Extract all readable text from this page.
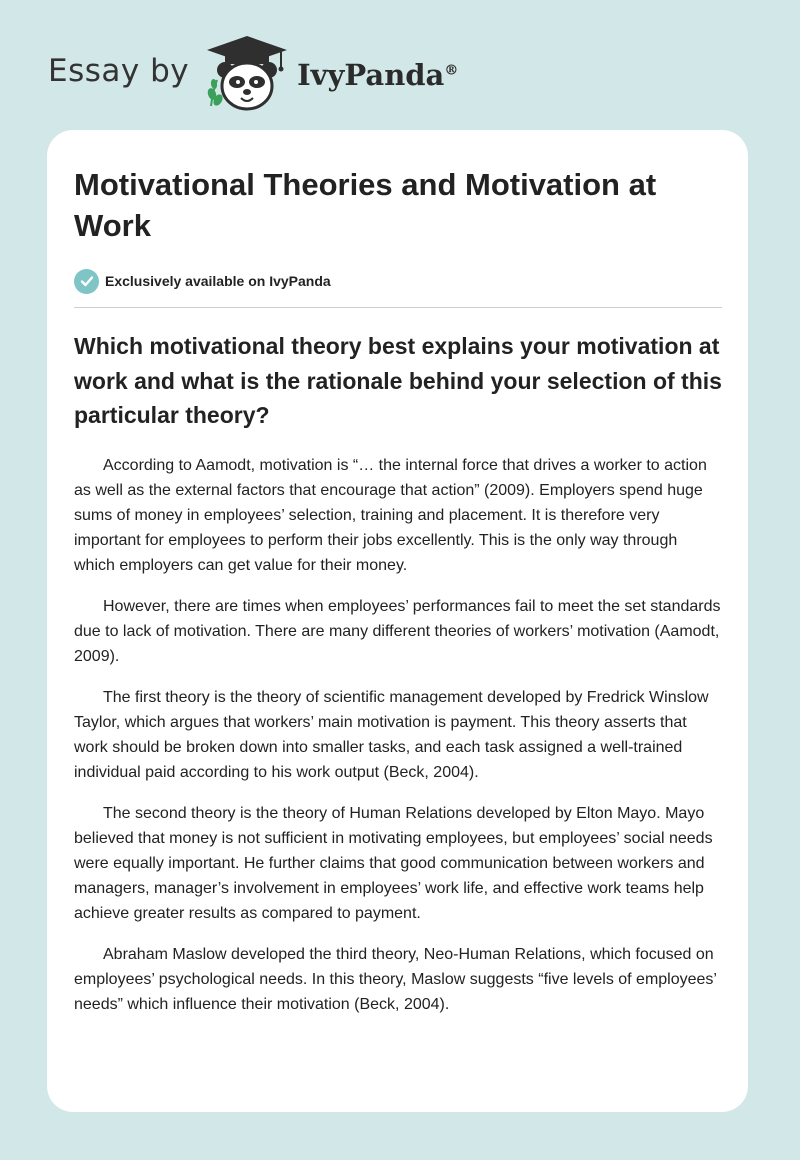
Essay by	IvyPanda®
Motivational Theories and Motivation at Work
Exclusively available on IvyPanda
Which motivational theory best explains your motivation at work and what is the rationale behind your selection of this particular theory?

According to Aamodt, motivation is “… the internal force that drives a worker to action as well as the external factors that encourage that action” (2009). Employers spend huge sums of money in employees’ selection, training and placement. It is therefore very important for employees to perform their jobs excellently. This is the only way through which employers can get value for their money.

However, there are times when employees’ performances fail to meet the set standards due to lack of motivation. There are many different theories of workers’ motivation (Aamodt, 2009).

The first theory is the theory of scientific management developed by Fredrick Winslow Taylor, which argues that workers’ main motivation is payment. This theory asserts that work should be broken down into smaller tasks, and each task assigned a well-trained individual paid according to his work output (Beck, 2004).

The second theory is the theory of Human Relations developed by Elton Mayo. Mayo believed that money is not sufficient in motivating employees, but employees’ social needs were equally important. He further claims that good communication between workers and managers, manager’s involvement in employees’ work life, and effective work teams help achieve greater results as compared to payment.

Abraham Maslow developed the third theory, Neo-Human Relations, which focused on employees’ psychological needs. In this theory, Maslow suggests “five levels of employees’ needs” which influence their motivation (Beck, 2004).
